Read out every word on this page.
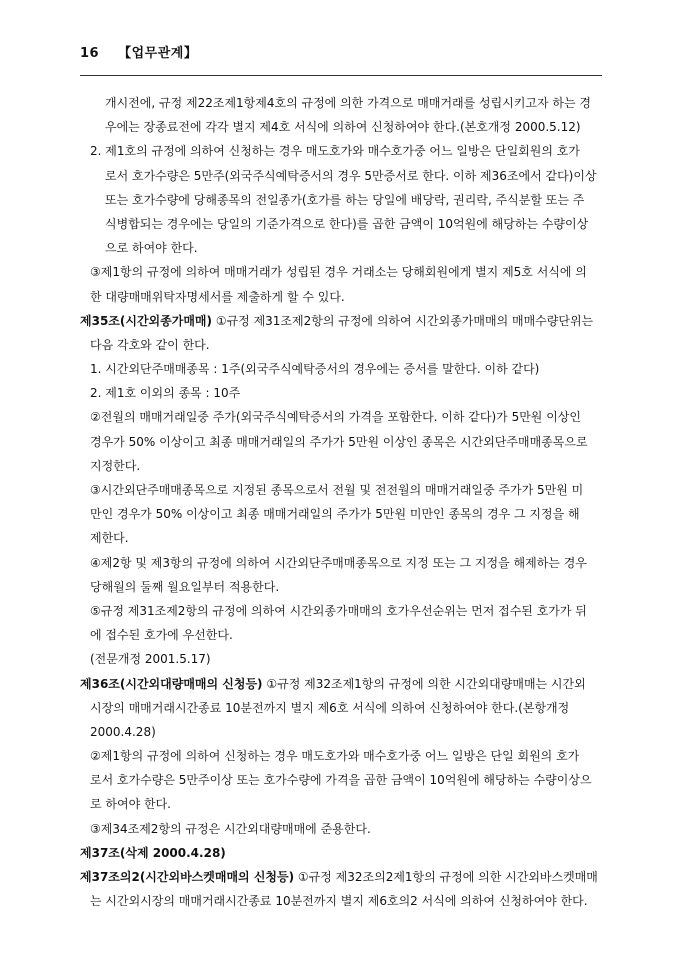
16 【업무관계】
개시전에, 규정 제22조제1항제4호의 규정에 의한 가격으로 매매거래를 성립시키고자 하는 경
우에는 장종료전에 각각 별지 제4호 서식에 의하여 신청하여야 한다.(본호개정 2000.5.12)
2. 제1호의 규정에 의하여 신청하는 경우 매도호가와 매수호가중 어느 일방은 단일회원의 호가
로서 호가수량은 5만주(외국주식예탁증서의 경우 5만증서로 한다. 이하 제36조에서 같다)이상
또는 호가수량에 당해종목의 전일종가(호가를 하는 당일에 배당락, 권리락, 주식분할 또는 주
식병합되는 경우에는 당일의 기준가격으로 한다)를 곱한 금액이 10억원에 해당하는 수량이상
으로 하여야 한다.
③제1항의 규정에 의하여 매매거래가 성립된 경우 거래소는 당해회원에게 별지 제5호 서식에 의
한 대량매매위탁자명세서를 제출하게 할 수 있다.
제35조(시간외종가매매) ①규정 제31조제2항의 규정에 의하여 시간외종가매매의 매매수량단위는
다음 각호와 같이 한다.
1. 시간외단주매매종목 : 1주(외국주식예탁증서의 경우에는 증서를 말한다. 이하 같다)
2. 제1호 이외의 종목 : 10주
②전월의 매매거래일중 주가(외국주식예탁증서의 가격을 포함한다. 이하 같다)가 5만원 이상인
경우가 50% 이상이고 최종 매매거래일의 주가가 5만원 이상인 종목은 시간외단주매매종목으로
지정한다.
③시간외단주매매종목으로 지정된 종목으로서 전월 및 전전월의 매매거래일중 주가가 5만원 미
만인 경우가 50% 이상이고 최종 매매거래일의 주가가 5만원 미만인 종목의 경우 그 지정을 해
제한다.
④제2항 및 제3항의 규정에 의하여 시간외단주매매종목으로 지정 또는 그 지정을 해제하는 경우
당해월의 둘째 월요일부터 적용한다.
⑤규정 제31조제2항의 규정에 의하여 시간외종가매매의 호가우선순위는 먼저 접수된 호가가 뒤
에 접수된 호가에 우선한다.
(전문개정 2001.5.17)
제36조(시간외대량매매의 신청등) ①규정 제32조제1항의 규정에 의한 시간외대량매매는 시간외
시장의 매매거래시간종료 10분전까지 별지 제6호 서식에 의하여 신청하여야 한다.(본항개정
2000.4.28)
②제1항의 규정에 의하여 신청하는 경우 매도호가와 매수호가중 어느 일방은 단일 회원의 호가
로서 호가수량은 5만주이상 또는 호가수량에 가격을 곱한 금액이 10억원에 해당하는 수량이상으
로 하여야 한다.
③제34조제2항의 규정은 시간외대량매매에 준용한다.
제37조(삭제 2000.4.28)
제37조의2(시간외바스켓매매의 신청등) ①규정 제32조의2제1항의 규정에 의한 시간외바스켓매매
는 시간외시장의 매매거래시간종료 10분전까지 별지 제6호의2 서식에 의하여 신청하여야 한다.
